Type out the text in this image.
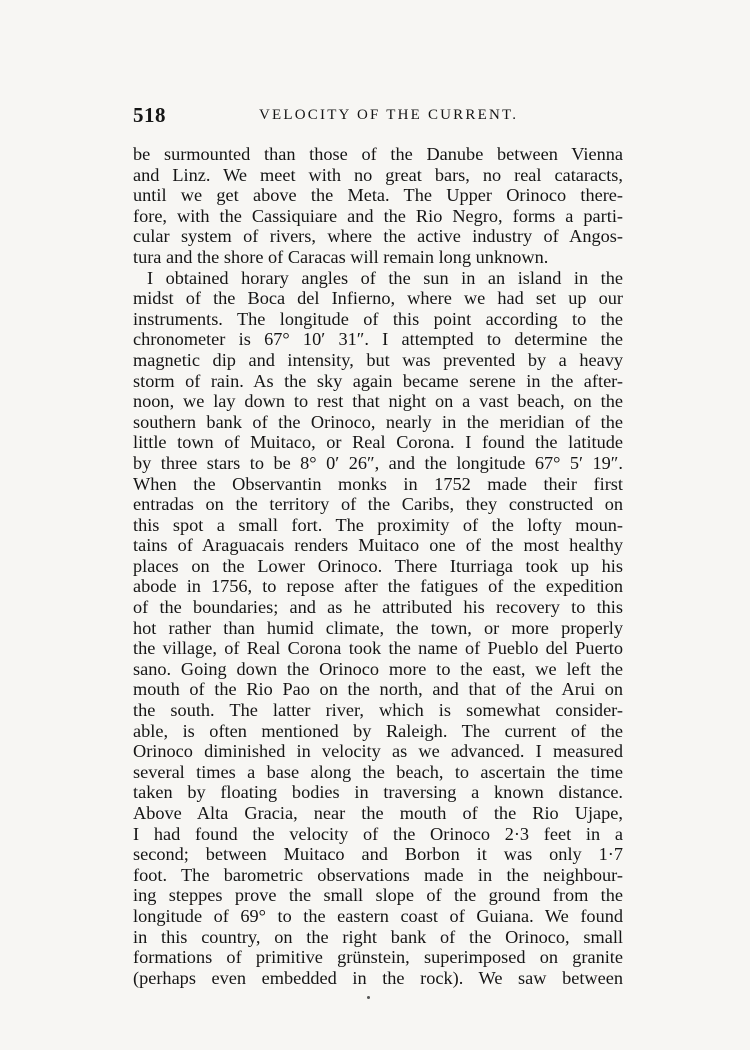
518	VELOCITY OF THE CURRENT.
be surmounted than those of the Danube between Vienna
and Linz. We meet with no great bars, no real cataracts,
until we get above the Meta. The Upper Orinoco there-
fore, with the Cassiquiare and the Rio Negro, forms a parti-
cular system of rivers, where the active industry of Angos-
tura and the shore of Caracas will remain long unknown.
I obtained horary angles of the sun in an island in the
midst of the Boca del Infierno, where we had set up our
instruments. The longitude of this point according to the
chronometer is 67° 10′ 31″. I attempted to determine the
magnetic dip and intensity, but was prevented by a heavy
storm of rain. As the sky again became serene in the after-
noon, we lay down to rest that night on a vast beach, on the
southern bank of the Orinoco, nearly in the meridian of the
little town of Muitaco, or Real Corona. I found the latitude
by three stars to be 8° 0′ 26″, and the longitude 67° 5′ 19″.
When the Observantin monks in 1752 made their first
entradas on the territory of the Caribs, they constructed on
this spot a small fort. The proximity of the lofty moun-
tains of Araguacais renders Muitaco one of the most healthy
places on the Lower Orinoco. There Iturriaga took up his
abode in 1756, to repose after the fatigues of the expedition
of the boundaries; and as he attributed his recovery to this
hot rather than humid climate, the town, or more properly
the village, of Real Corona took the name of Pueblo del Puerto
sano. Going down the Orinoco more to the east, we left the
mouth of the Rio Pao on the north, and that of the Arui on
the south. The latter river, which is somewhat consider-
able, is often mentioned by Raleigh. The current of the
Orinoco diminished in velocity as we advanced. I measured
several times a base along the beach, to ascertain the time
taken by floating bodies in traversing a known distance.
Above Alta Gracia, near the mouth of the Rio Ujape,
I had found the velocity of the Orinoco 2·3 feet in a
second; between Muitaco and Borbon it was only 1·7
foot. The barometric observations made in the neighbour-
ing steppes prove the small slope of the ground from the
longitude of 69° to the eastern coast of Guiana. We found
in this country, on the right bank of the Orinoco, small
formations of primitive grünstein, superimposed on granite
(perhaps even embedded in the rock). We saw between
